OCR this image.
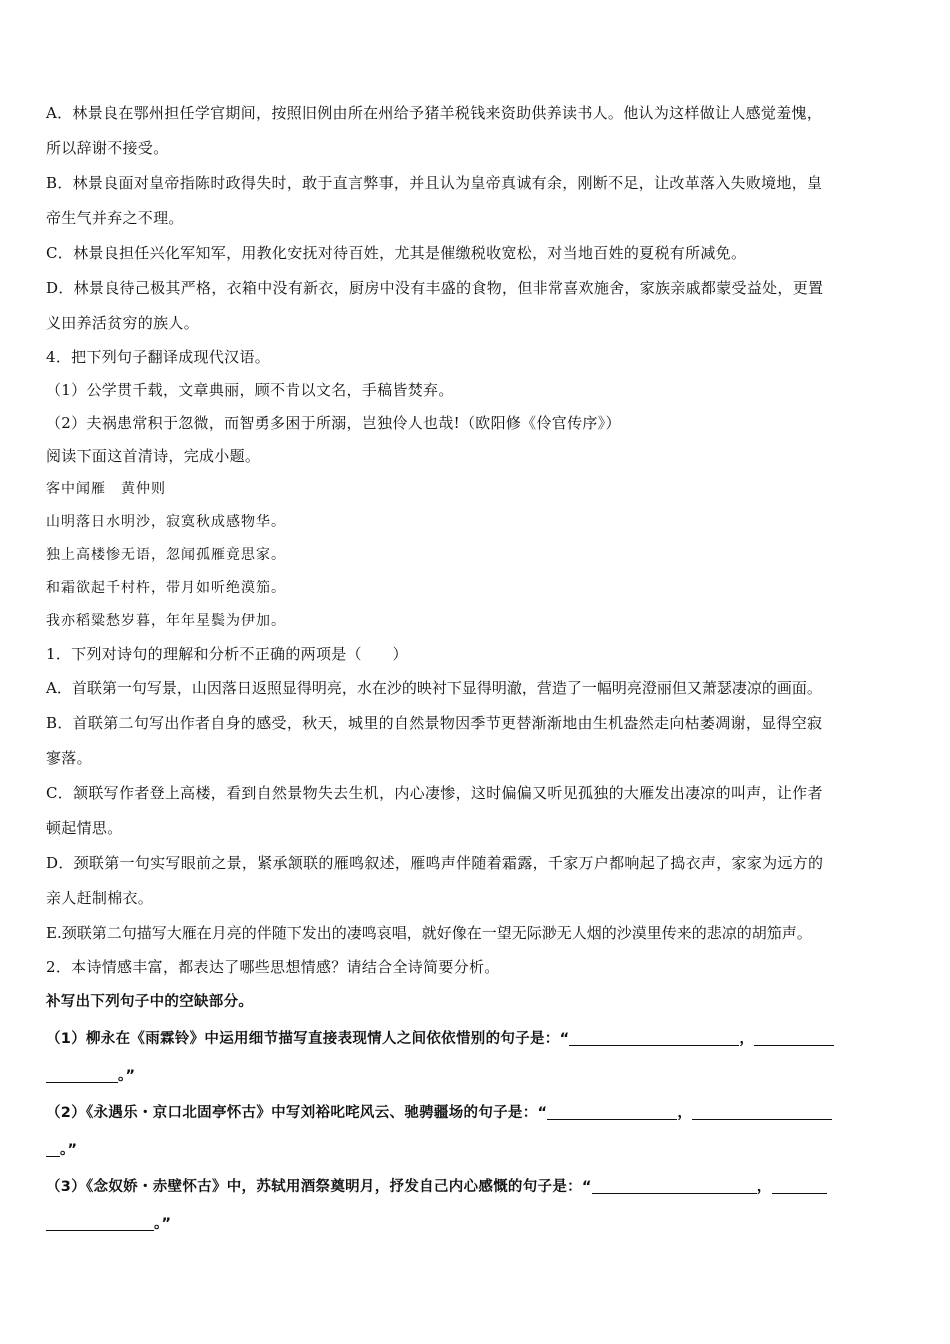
A．林景良在鄂州担任学官期间，按照旧例由所在州给予猪羊税钱来资助供养读书人。他认为这样做让人感觉羞愧，

所以辞谢不接受。

B．林景良面对皇帝指陈时政得失时，敢于直言弊事，并且认为皇帝真诚有余，刚断不足，让改革落入失败境地，皇

帝生气并弃之不理。

C．林景良担任兴化军知军，用教化安抚对待百姓，尤其是催缴税收宽松，对当地百姓的夏税有所减免。

D．林景良待己极其严格，衣箱中没有新衣，厨房中没有丰盛的食物，但非常喜欢施舍，家族亲戚都蒙受益处，更置

义田养活贫穷的族人。

4．把下列句子翻译成现代汉语。

（1）公学贯千载，文章典丽，顾不肯以文名，手稿皆焚弃。

（2）夫祸患常积于忽微，而智勇多困于所溺，岂独伶人也哉!（欧阳修《伶官传序》）

阅读下面这首清诗，完成小题。

客中闻雁　黄仲则

山明落日水明沙，寂寞秋成感物华。

独上高楼惨无语，忽闻孤雁竟思家。

和霜欲起千村杵，带月如听绝漠笳。

我亦稻粱愁岁暮，年年星鬓为伊加。

1．下列对诗句的理解和分析不正确的两项是（　　）

A．首联第一句写景，山因落日返照显得明亮，水在沙的映衬下显得明澈，营造了一幅明亮澄丽但又萧瑟凄凉的画面。

B．首联第二句写出作者自身的感受，秋天，城里的自然景物因季节更替渐渐地由生机盎然走向枯萎凋谢，显得空寂

寥落。

C．颔联写作者登上高楼，看到自然景物失去生机，内心凄惨，这时偏偏又听见孤独的大雁发出凄凉的叫声，让作者

顿起情思。

D．颈联第一句实写眼前之景，紧承颔联的雁鸣叙述，雁鸣声伴随着霜露，千家万户都响起了捣衣声，家家为远方的

亲人赶制棉衣。

E.颈联第二句描写大雁在月亮的伴随下发出的凄鸣哀唱，就好像在一望无际渺无人烟的沙漠里传来的悲凉的胡笳声。

2．本诗情感丰富，都表达了哪些思想情感？请结合全诗简要分析。

补写出下列句子中的空缺部分。

（1）柳永在《雨霖铃》中运用细节描写直接表现情人之间依依惜别的句子是：“	，

。”

（2）《永遇乐・京口北固亭怀古》中写刘裕叱咤风云、驰骋疆场的句子是：“	，

。”

（3）《念奴娇・赤壁怀古》中，苏轼用酒祭奠明月，抒发自己内心感慨的句子是：“	，

。”
